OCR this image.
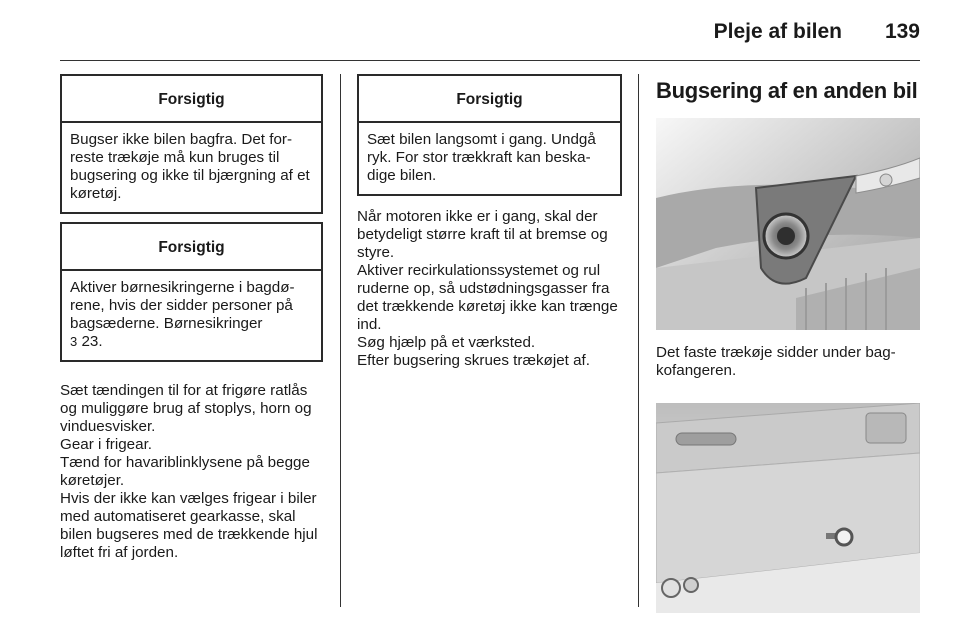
Pleje af bilen 139
Forsigtig
Bugser ikke bilen bagfra. Det for-reste trækøje må kun bruges til bugsering og ikke til bjærgning af et køretøj.
Forsigtig
Aktiver børnesikringerne i bagdø-rene, hvis der sidder personer på bagsæderne. Børnesikringer
3 23.

Sæt tændingen til for at frigøre ratlås og muliggøre brug af stoplys, horn og vinduesvisker.

Gear i frigear.

Tænd for havariblinklysene på begge køretøjer.

Hvis der ikke kan vælges frigear i biler med automatiseret gearkasse, skal bilen bugseres med de trækkende hjul løftet fri af jorden.

Forsigtig
Sæt bilen langsomt i gang. Undgå ryk. For stor trækkraft kan beska-dige bilen.

Når motoren ikke er i gang, skal der betydeligt større kraft til at bremse og styre.

Aktiver recirkulationssystemet og rul ruderne op, så udstødningsgasser fra det trækkende køretøj ikke kan trænge ind.

Søg hjælp på et værksted.

Efter bugsering skrues trækøjet af.

Bugsering af en anden bil

Det faste trækøje sidder under bag-kofangeren.
